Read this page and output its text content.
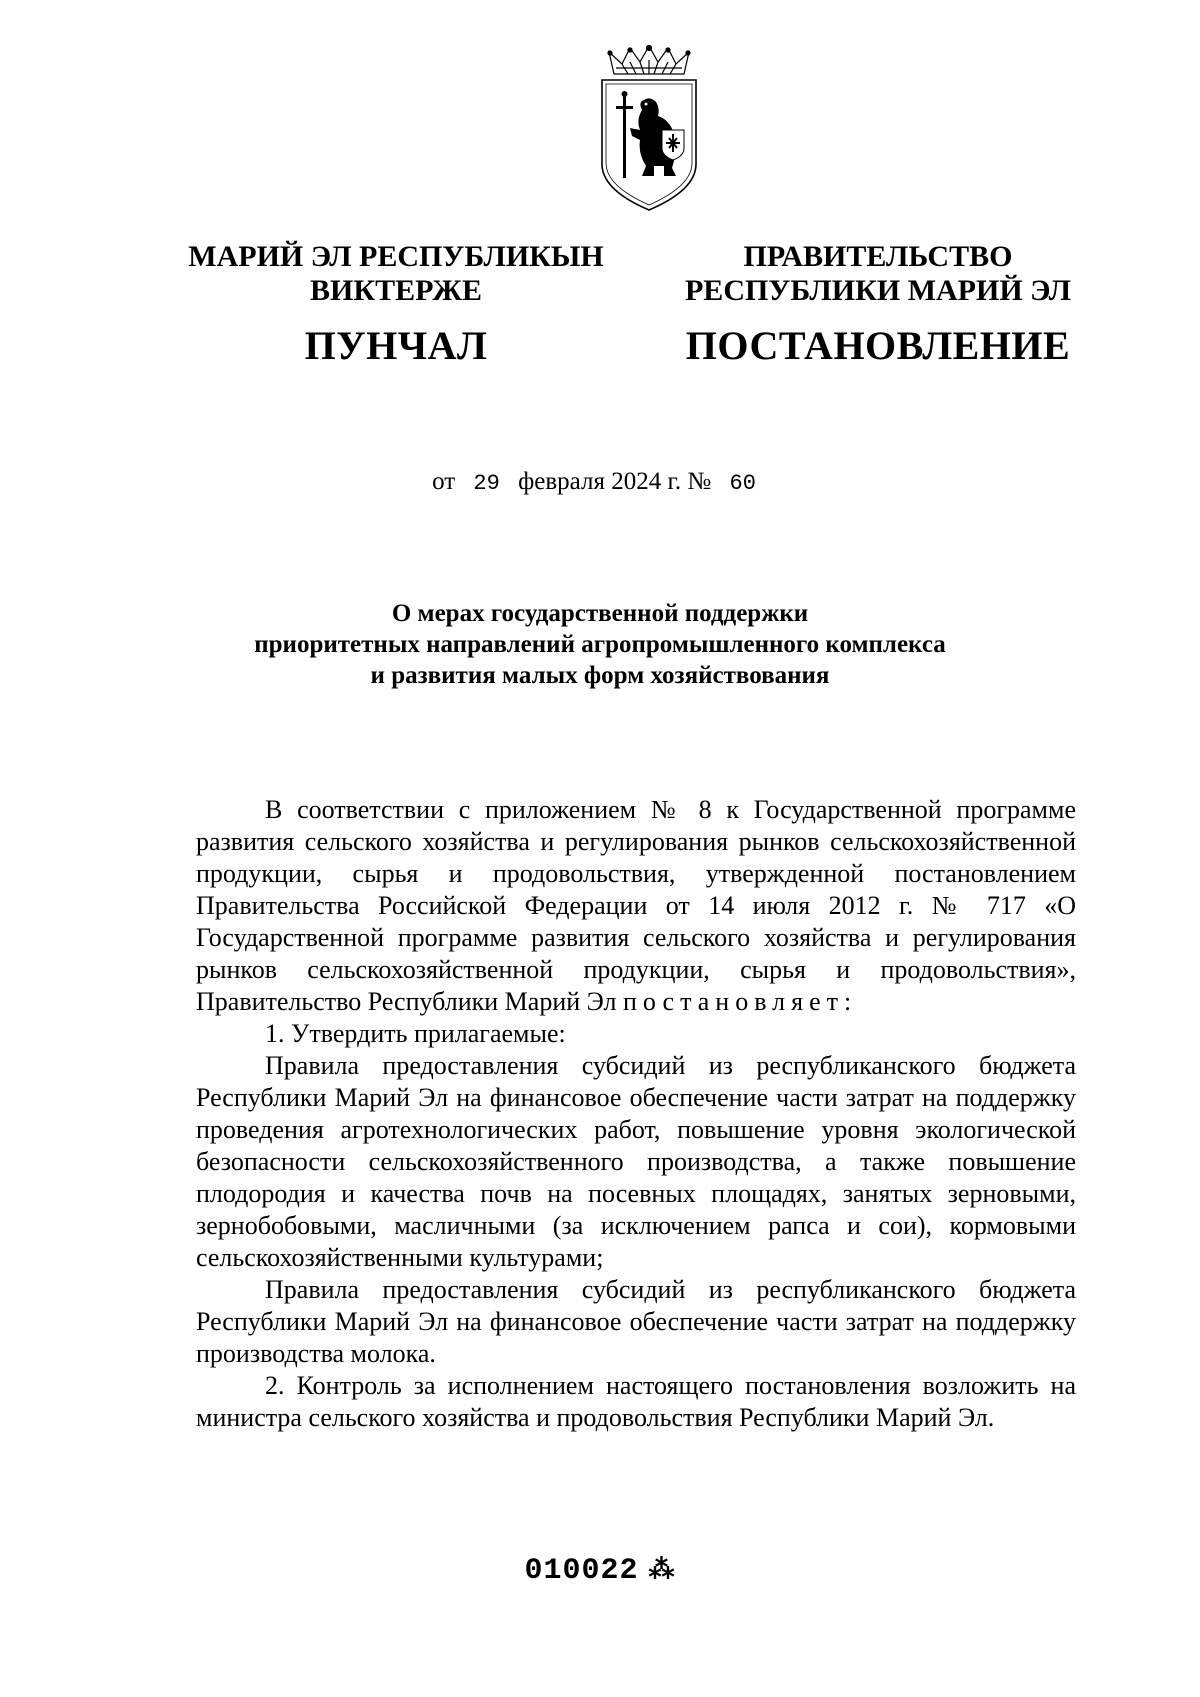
МАРИЙ ЭЛ РЕСПУБЛИКЫН
ВИКТЕРЖЕ
ПУНЧАЛ
ПРАВИТЕЛЬСТВО
РЕСПУБЛИКИ МАРИЙ ЭЛ
ПОСТАНОВЛЕНИЕ
от 29 февраля 2024 г. № 60
О мерах государственной поддержки
приоритетных направлений агропромышленного комплекса
и развития малых форм хозяйствования

В соответствии с приложением № 8 к Государственной программе развития сельского хозяйства и регулирования рынков сельскохозяйственной продукции, сырья и продовольствия, утвержденной постановлением Правительства Российской Федерации от 14 июля 2012 г. № 717 «О Государственной программе развития сельского хозяйства и регулирования рынков сельскохозяйственной продукции, сырья и продовольствия», Правительство Республики Марий Эл постановляет:

1. Утвердить прилагаемые:

Правила предоставления субсидий из республиканского бюджета Республики Марий Эл на финансовое обеспечение части затрат на поддержку проведения агротехнологических работ, повышение уровня экологической безопасности сельскохозяйственного производства, а также повышение плодородия и качества почв на посевных площадях, занятых зерновыми, зернобобовыми, масличными (за исключением рапса и сои), кормовыми сельскохозяйственными культурами;

Правила предоставления субсидий из республиканского бюджета Республики Марий Эл на финансовое обеспечение части затрат на поддержку производства молока.

2. Контроль за исполнением настоящего постановления возложить на министра сельского хозяйства и продовольствия Республики Марий Эл.

010022 ⁂
